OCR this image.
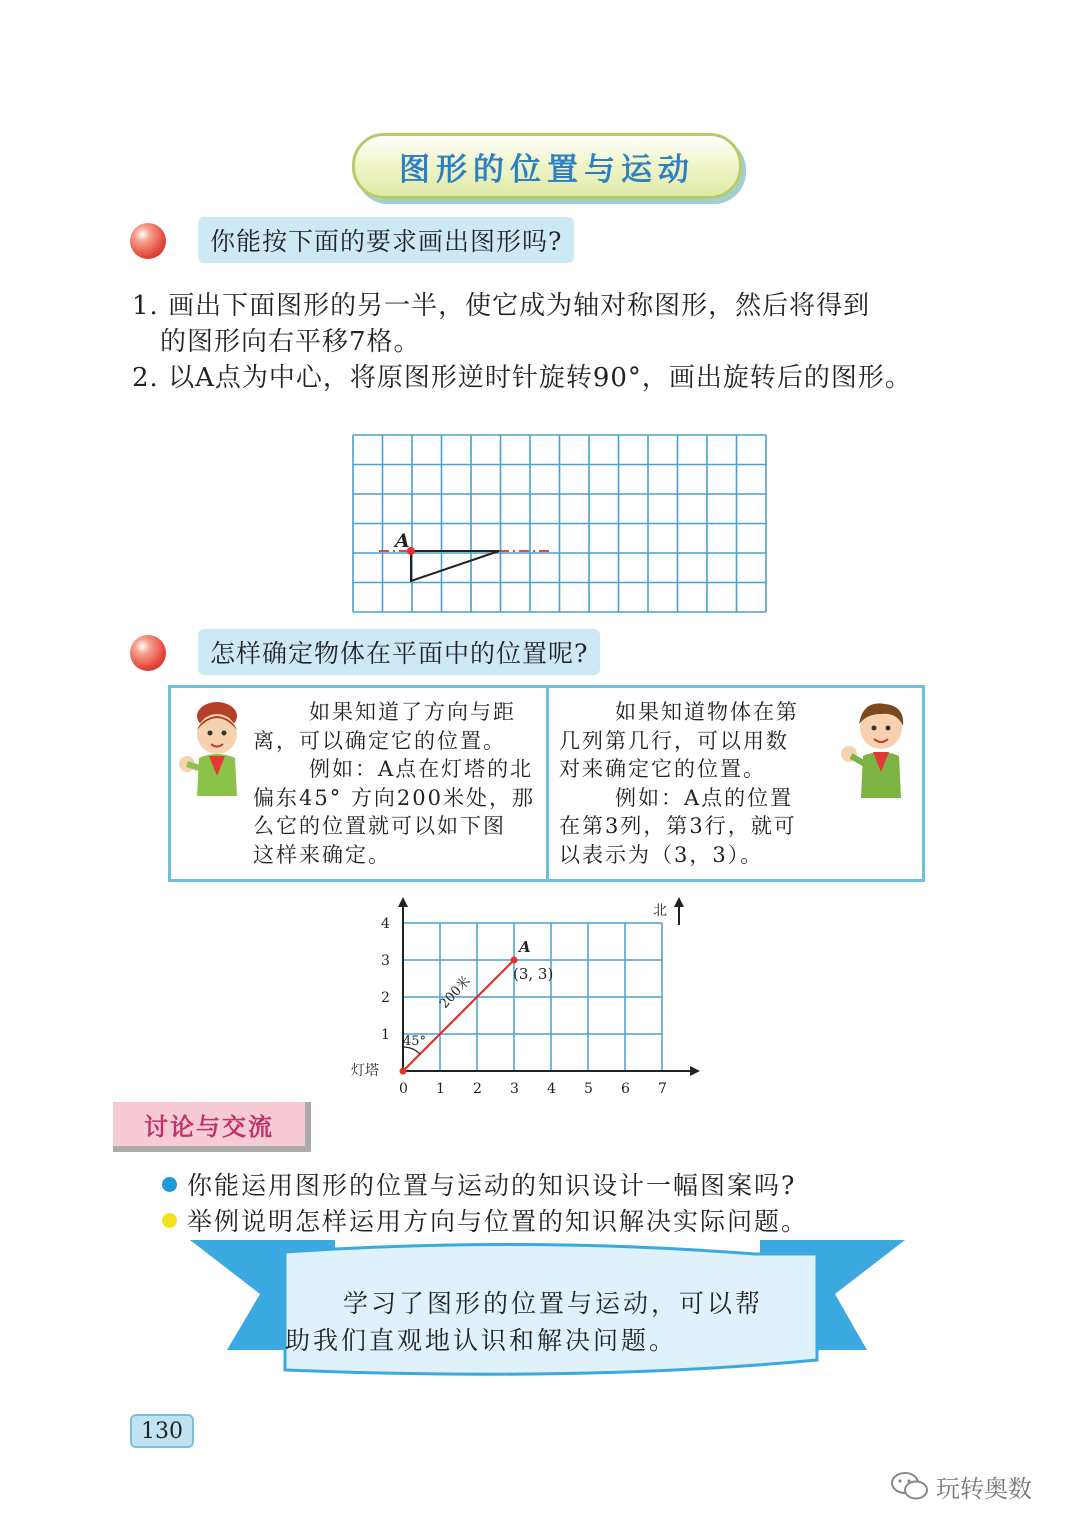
图形的位置与运动
你能按下面的要求画出图形吗?
1. 画出下面图形的另一半，使它成为轴对称图形，然后将得到
的图形向右平移7格。
2. 以A点为中心，将原图形逆时针旋转90°，画出旋转后的图形。
A
怎样确定物体在平面中的位置呢?
如果知道了方向与距
离，可以确定它的位置。
例如：A点在灯塔的北
偏东45° 方向200米处，那
么它的位置就可以如下图
这样来确定。
如果知道物体在第
几列第几行，可以用数
对来确定它的位置。
例如：A点的位置
在第3列，第3行，就可
以表示为（3，3）。
北
0 1 2 3 4 5 6 7
1
2
3
4
45°
200米
灯塔
A
(3, 3)
讨论与交流
你能运用图形的位置与运动的知识设计一幅图案吗?
举例说明怎样运用方向与位置的知识解决实际问题。
学习了图形的位置与运动，可以帮
助我们直观地认识和解决问题。
130
玩转奥数
